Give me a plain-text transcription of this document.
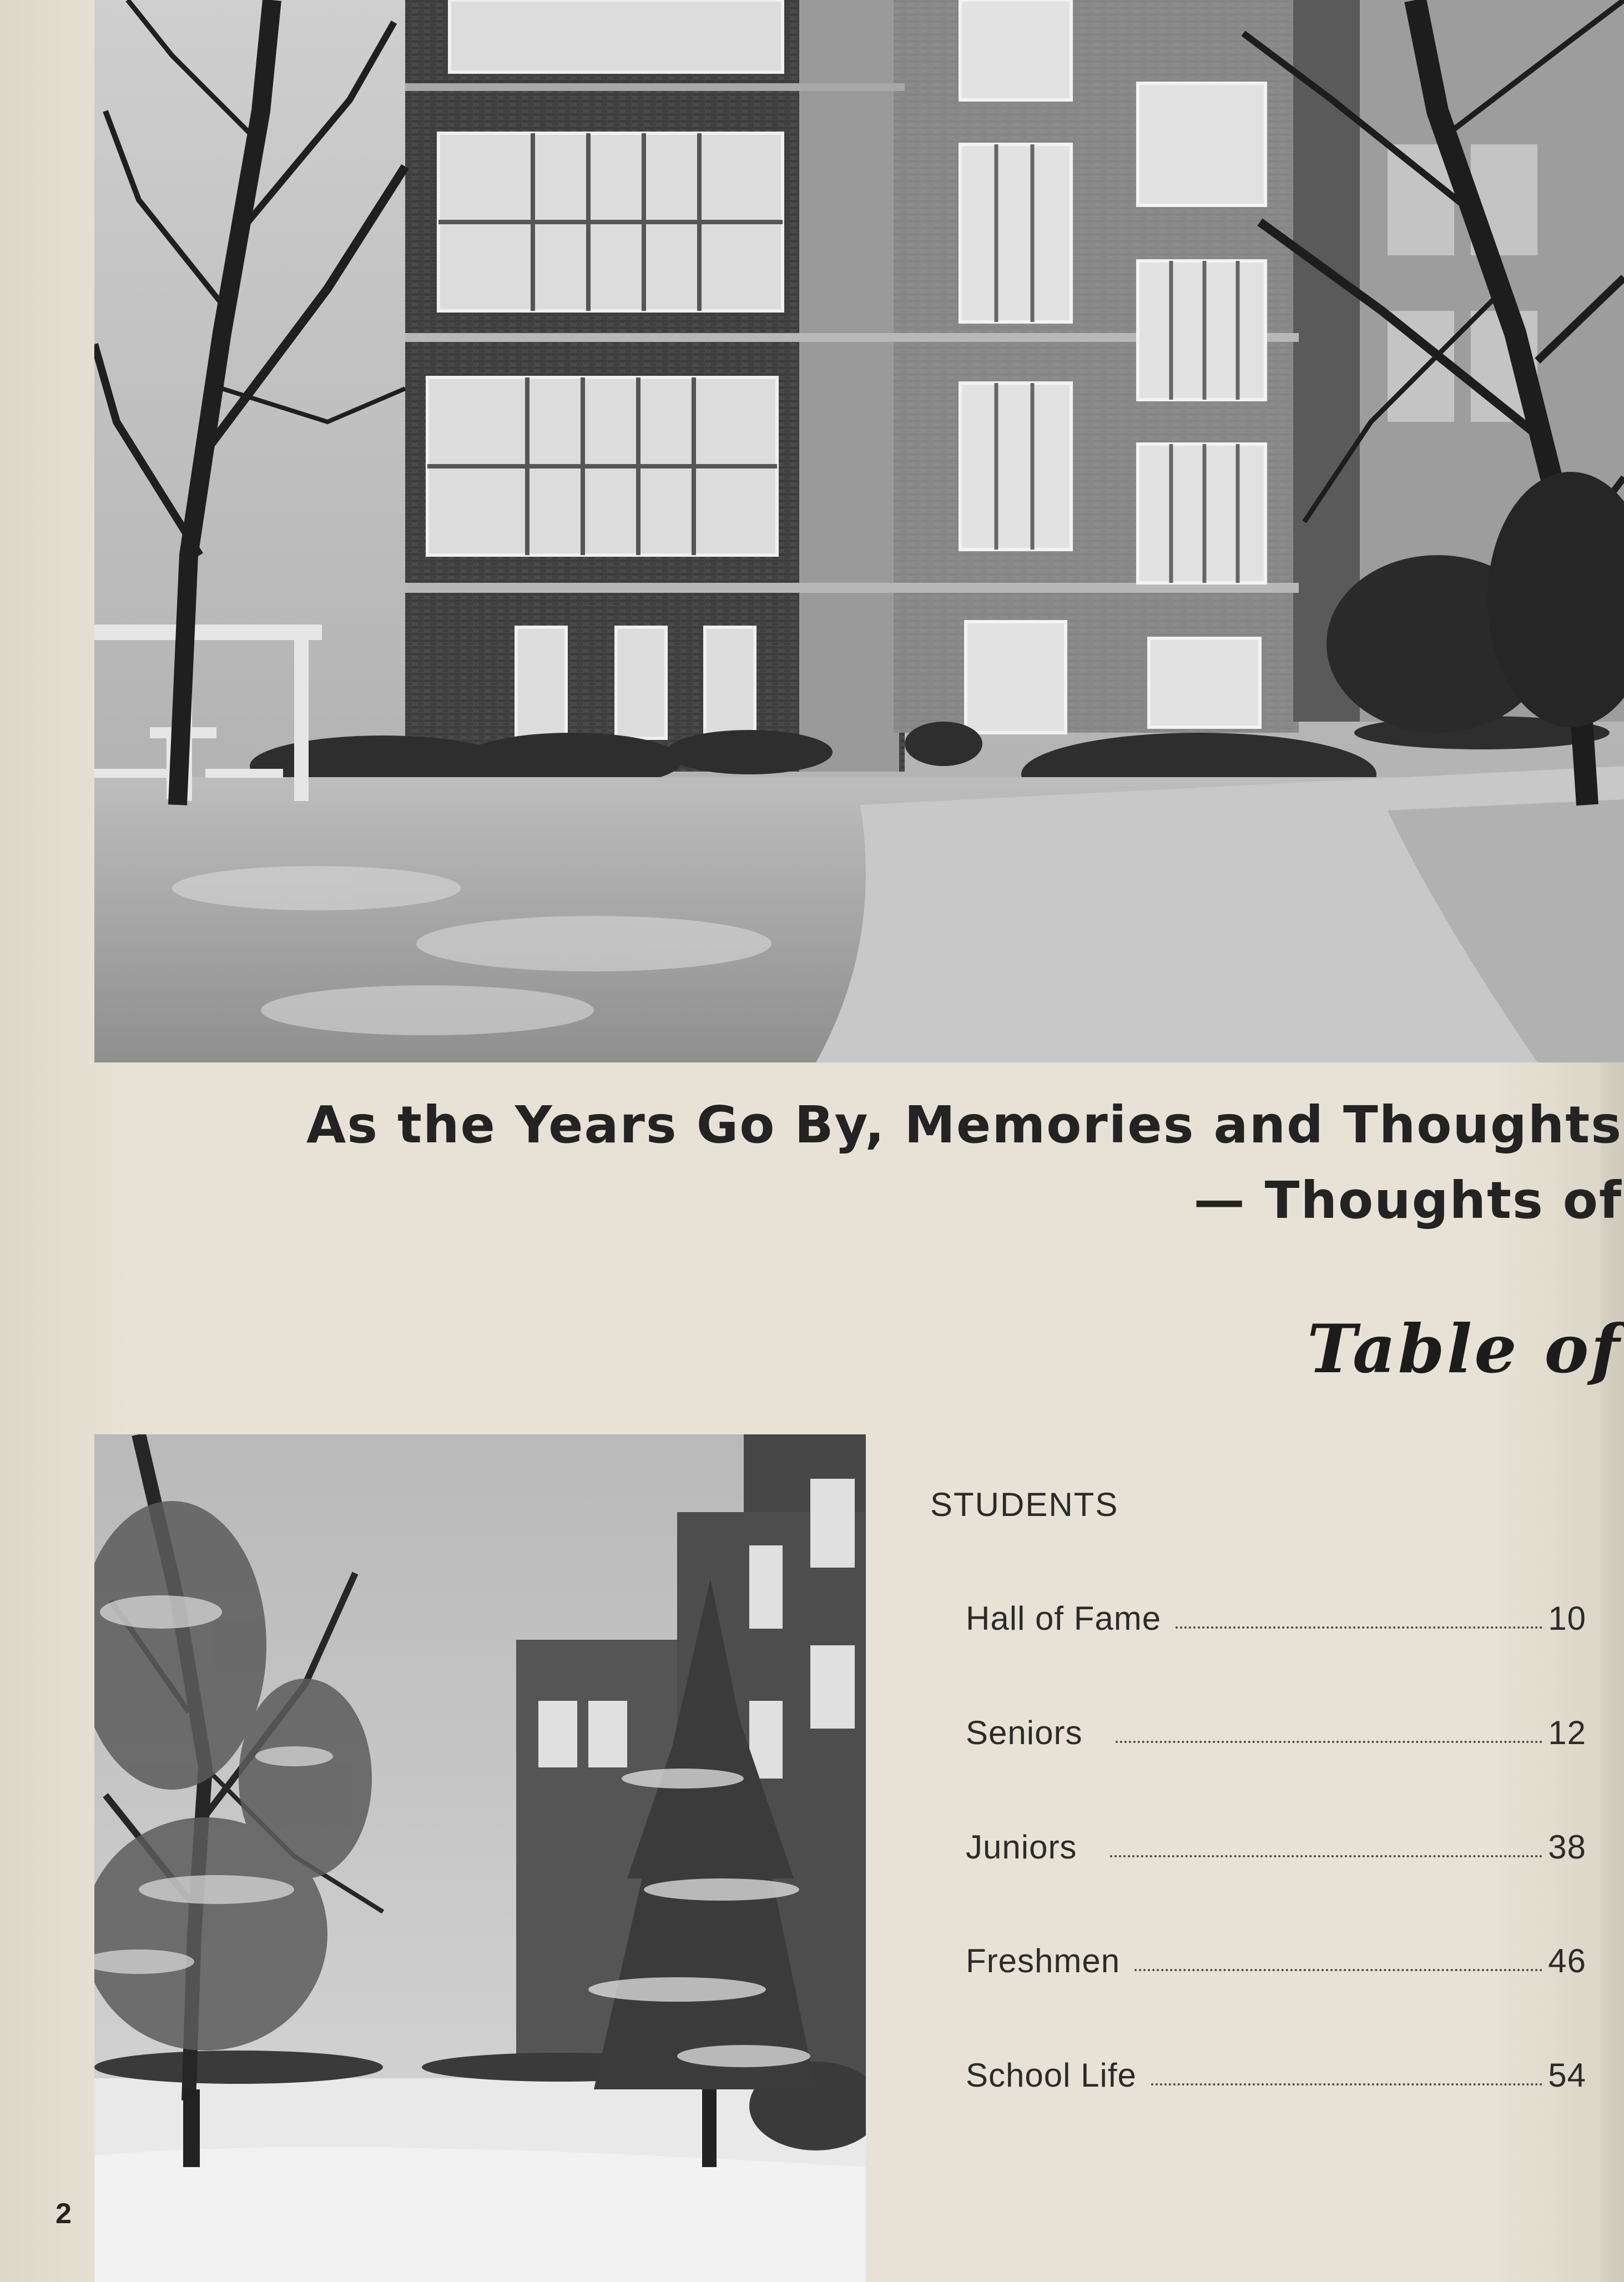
As the Years Go By, Memories and Thoughts
— Thoughts of
Table of
STUDENTS
Hall of Fame	10
Seniors	12
Juniors	38
Freshmen	46
School Life	54
2
